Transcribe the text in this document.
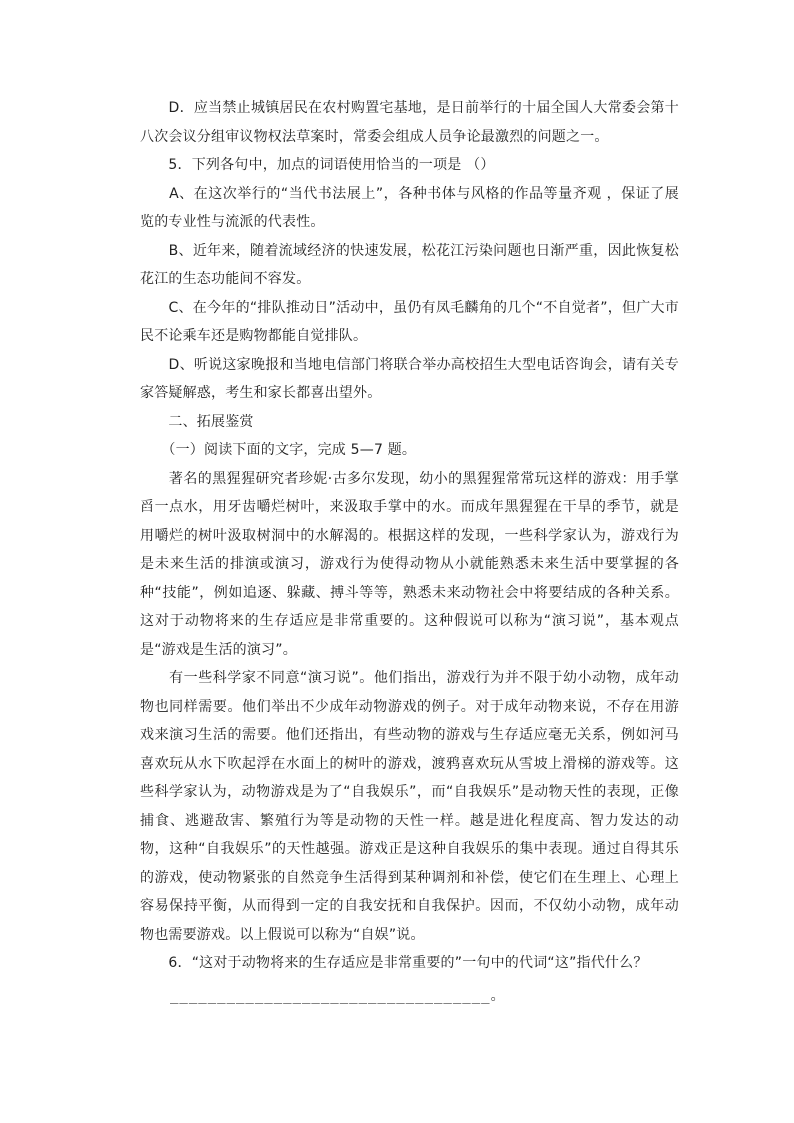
　　D．应当禁止城镇居民在农村购置宅基地，是日前举行的十届全国人大常委会第十八次会议分组审议物权法草案时，常委会组成人员争论最激烈的问题之一。

　　5．下列各句中，加点的词语使用恰当的一项是 （）

　　A、在这次举行的“当代书法展上”，各种书体与风格的作品等量齐观 ，保证了展览的专业性与流派的代表性。

　　B、近年来，随着流域经济的快速发展，松花江污染问题也日渐严重，因此恢复松花江的生态功能间不容发。

　　C、在今年的“排队推动日”活动中，虽仍有凤毛麟角的几个“不自觉者”，但广大市民不论乘车还是购物都能自觉排队。

　　D、听说这家晚报和当地电信部门将联合举办高校招生大型电话咨询会，请有关专家答疑解惑，考生和家长都喜出望外。

　　二、拓展鉴赏

　　（一）阅读下面的文字，完成 5—7 题。

　　著名的黑猩猩研究者珍妮·古多尔发现，幼小的黑猩猩常常玩这样的游戏：用手掌舀一点水，用牙齿嚼烂树叶，来汲取手掌中的水。而成年黑猩猩在干旱的季节，就是用嚼烂的树叶汲取树洞中的水解渴的。根据这样的发现，一些科学家认为，游戏行为是未来生活的排演或演习，游戏行为使得动物从小就能熟悉未来生活中要掌握的各种“技能”，例如追逐、躲藏、搏斗等等，熟悉未来动物社会中将要结成的各种关系。这对于动物将来的生存适应是非常重要的。这种假说可以称为“演习说”，基本观点是“游戏是生活的演习”。

　　有一些科学家不同意“演习说”。他们指出，游戏行为并不限于幼小动物，成年动物也同样需要。他们举出不少成年动物游戏的例子。对于成年动物来说，不存在用游戏来演习生活的需要。他们还指出，有些动物的游戏与生存适应毫无关系，例如河马喜欢玩从水下吹起浮在水面上的树叶的游戏，渡鸦喜欢玩从雪坡上滑梯的游戏等。这些科学家认为，动物游戏是为了“自我娱乐”，而“自我娱乐”是动物天性的表现，正像捕食、逃避敌害、繁殖行为等是动物的天性一样。越是进化程度高、智力发达的动物，这种“自我娱乐”的天性越强。游戏正是这种自我娱乐的集中表现。通过自得其乐的游戏，使动物紧张的自然竞争生活得到某种调剂和补偿，使它们在生理上、心理上容易保持平衡，从而得到一定的自我安抚和自我保护。因而，不仅幼小动物，成年动物也需要游戏。以上假说可以称为“自娱”说。

　　6．“这对于动物将来的生存适应是非常重要的”一句中的代词“这”指代什么？

　　__________________________________。
